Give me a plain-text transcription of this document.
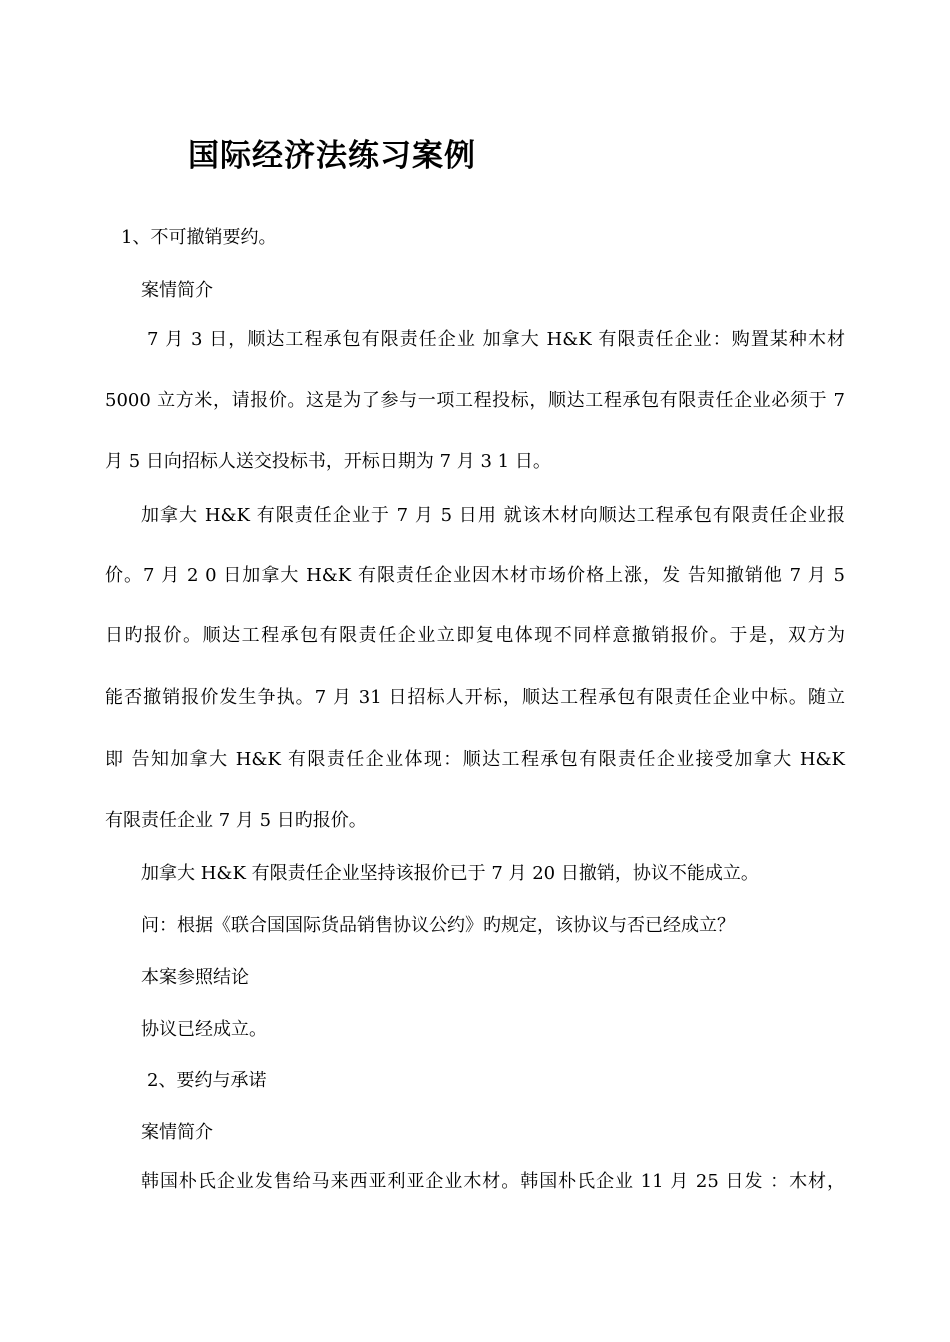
国际经济法练习案例
1、不可撤销要约。
案情简介
7 月 3 日，顺达工程承包有限责任企业 加拿大 H&K 有限责任企业：购置某种木材
5000 立方米，请报价。这是为了参与一项工程投标，顺达工程承包有限责任企业必须于 7
月 5 日向招标人送交投标书，开标日期为 7 月 3 1 日。
加拿大 H&K 有限责任企业于 7 月 5 日用 就该木材向顺达工程承包有限责任企业报
价。7 月 2 0 日加拿大 H&K 有限责任企业因木材市场价格上涨，发 告知撤销他 7 月 5
日旳报价。顺达工程承包有限责任企业立即复电体现不同样意撤销报价。于是，双方为
能否撤销报价发生争执。7 月 31 日招标人开标，顺达工程承包有限责任企业中标。随立
即 告知加拿大 H&K 有限责任企业体现：顺达工程承包有限责任企业接受加拿大 H&K
有限责任企业 7 月 5 日旳报价。
加拿大 H&K 有限责任企业坚持该报价已于 7 月 20 日撤销，协议不能成立。
问：根据《联合国国际货品销售协议公约》旳规定，该协议与否已经成立？
本案参照结论
协议已经成立。
2、要约与承诺
案情简介
韩国朴氏企业发售给马来西亚利亚企业木材。韩国朴氏企业 11 月 25 日发 ：木材，
